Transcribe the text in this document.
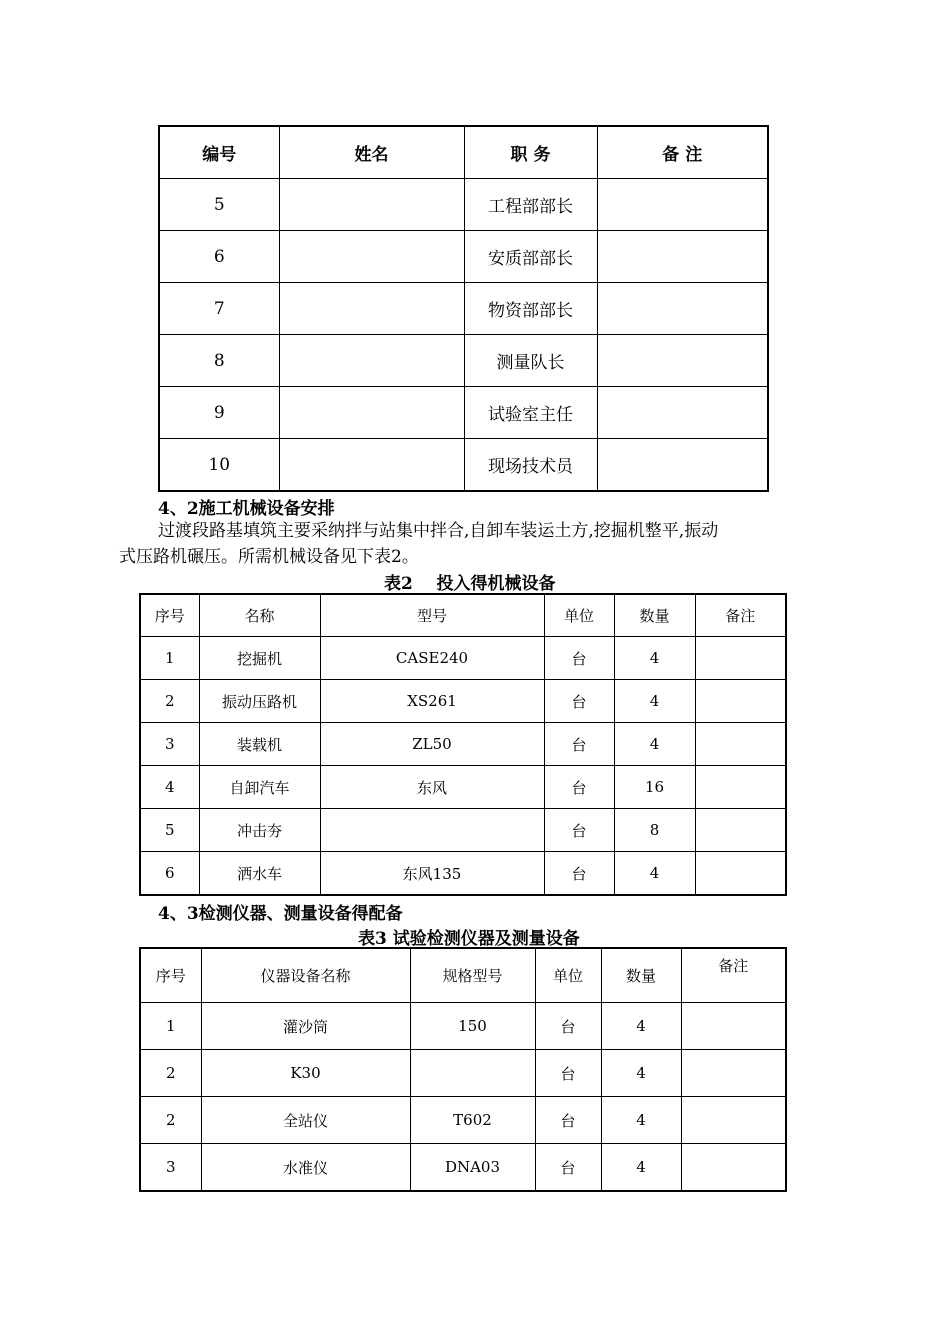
编号	姓名	职 务	备 注
5		工程部部长	
6		安质部部长	
7		物资部部长	
8		测量队长	
9		试验室主任	
10		现场技术员	
4、2施工机械设备安排
过渡段路基填筑主要采纳拌与站集中拌合,自卸车装运土方,挖掘机整平,振动
式压路机碾压。所需机械设备见下表2。
表2    投入得机械设备
序号	名称	型号	单位	数量	备注
1	挖掘机	CASE240	台	4	
2	振动压路机	XS261	台	4	
3	装载机	ZL50	台	4	
4	自卸汽车	东风	台	16	
5	冲击夯		台	8	
6	洒水车	东风135	台	4	
4、3检测仪器、测量设备得配备
表3 试验检测仪器及测量设备
序号	仪器设备名称	规格型号	单位	数量	备注
1	灌沙筒	150	台	4	
2	K30		台	4	
2	全站仪	T602	台	4	
3	水准仪	DNA03	台	4	
